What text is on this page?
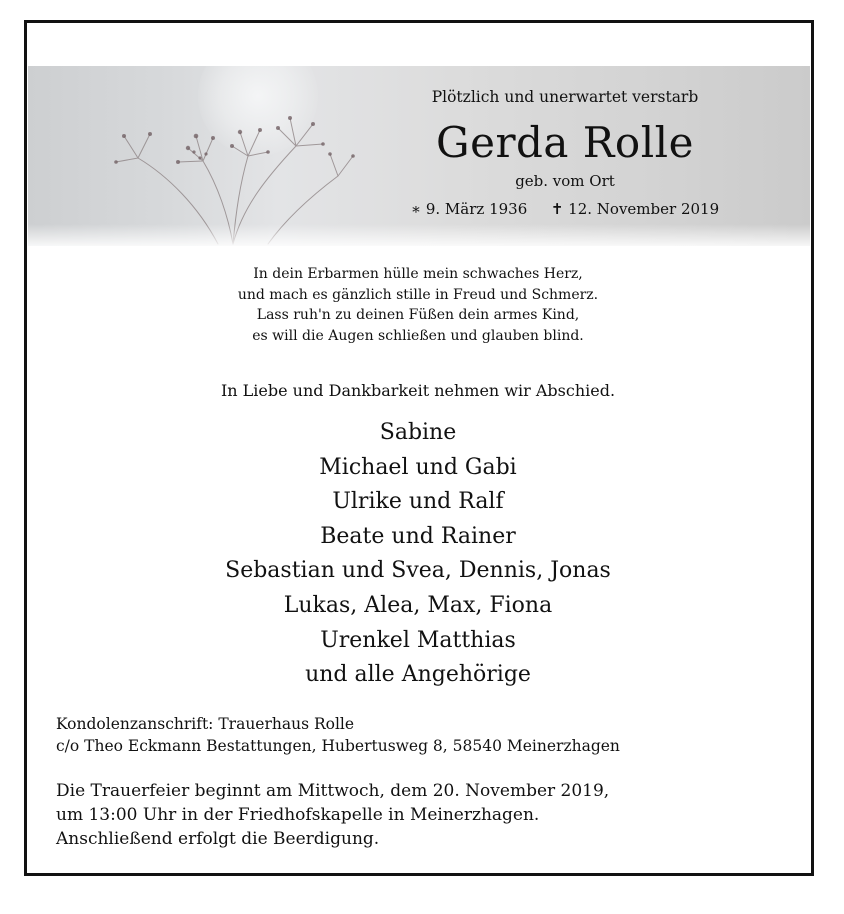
Plötzlich und unerwartet verstarb
Gerda Rolle
geb. vom Ort
∗ 9. März 1936 ✝ 12. November 2019
In dein Erbarmen hülle mein schwaches Herz,
und mach es gänzlich stille in Freud und Schmerz.
Lass ruh'n zu deinen Füßen dein armes Kind,
es will die Augen schließen und glauben blind.
In Liebe und Dankbarkeit nehmen wir Abschied.
Sabine
Michael und Gabi
Ulrike und Ralf
Beate und Rainer
Sebastian und Svea, Dennis, Jonas
Lukas, Alea, Max, Fiona
Urenkel Matthias
und alle Angehörige
Kondolenzanschrift: Trauerhaus Rolle
c/o Theo Eckmann Bestattungen, Hubertusweg 8, 58540 Meinerzhagen
Die Trauerfeier beginnt am Mittwoch, dem 20. November 2019,
um 13:00 Uhr in der Friedhofskapelle in Meinerzhagen.
Anschließend erfolgt die Beerdigung.
